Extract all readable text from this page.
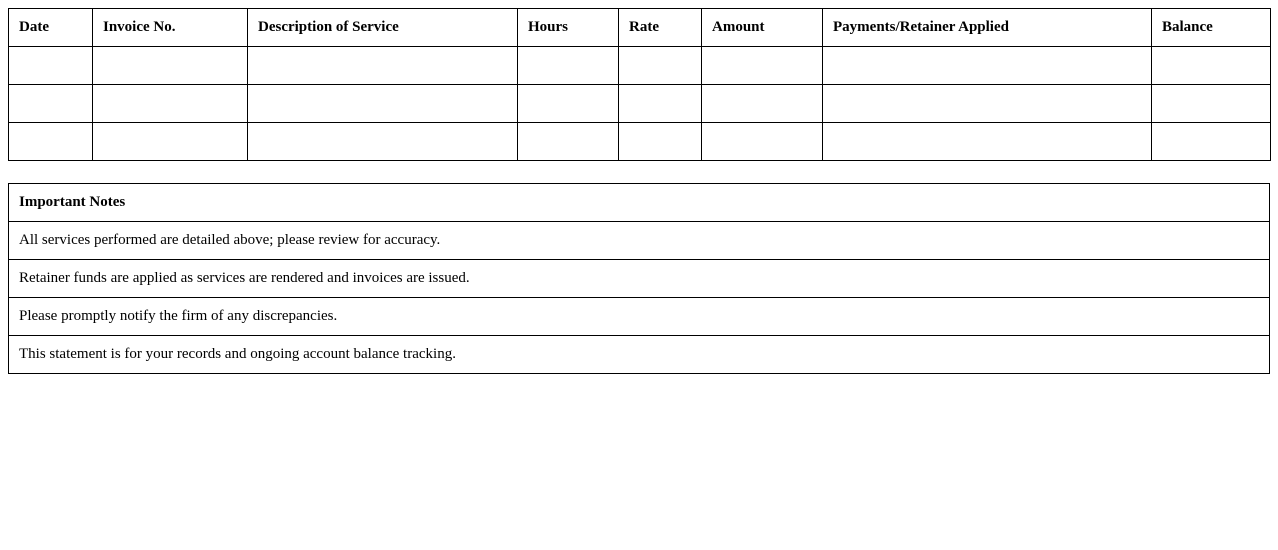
Date	Invoice No.	Description of Service	Hours	Rate	Amount	Payments/Retainer Applied	Balance

Important Notes
All services performed are detailed above; please review for accuracy.
Retainer funds are applied as services are rendered and invoices are issued.
Please promptly notify the firm of any discrepancies.
This statement is for your records and ongoing account balance tracking.
